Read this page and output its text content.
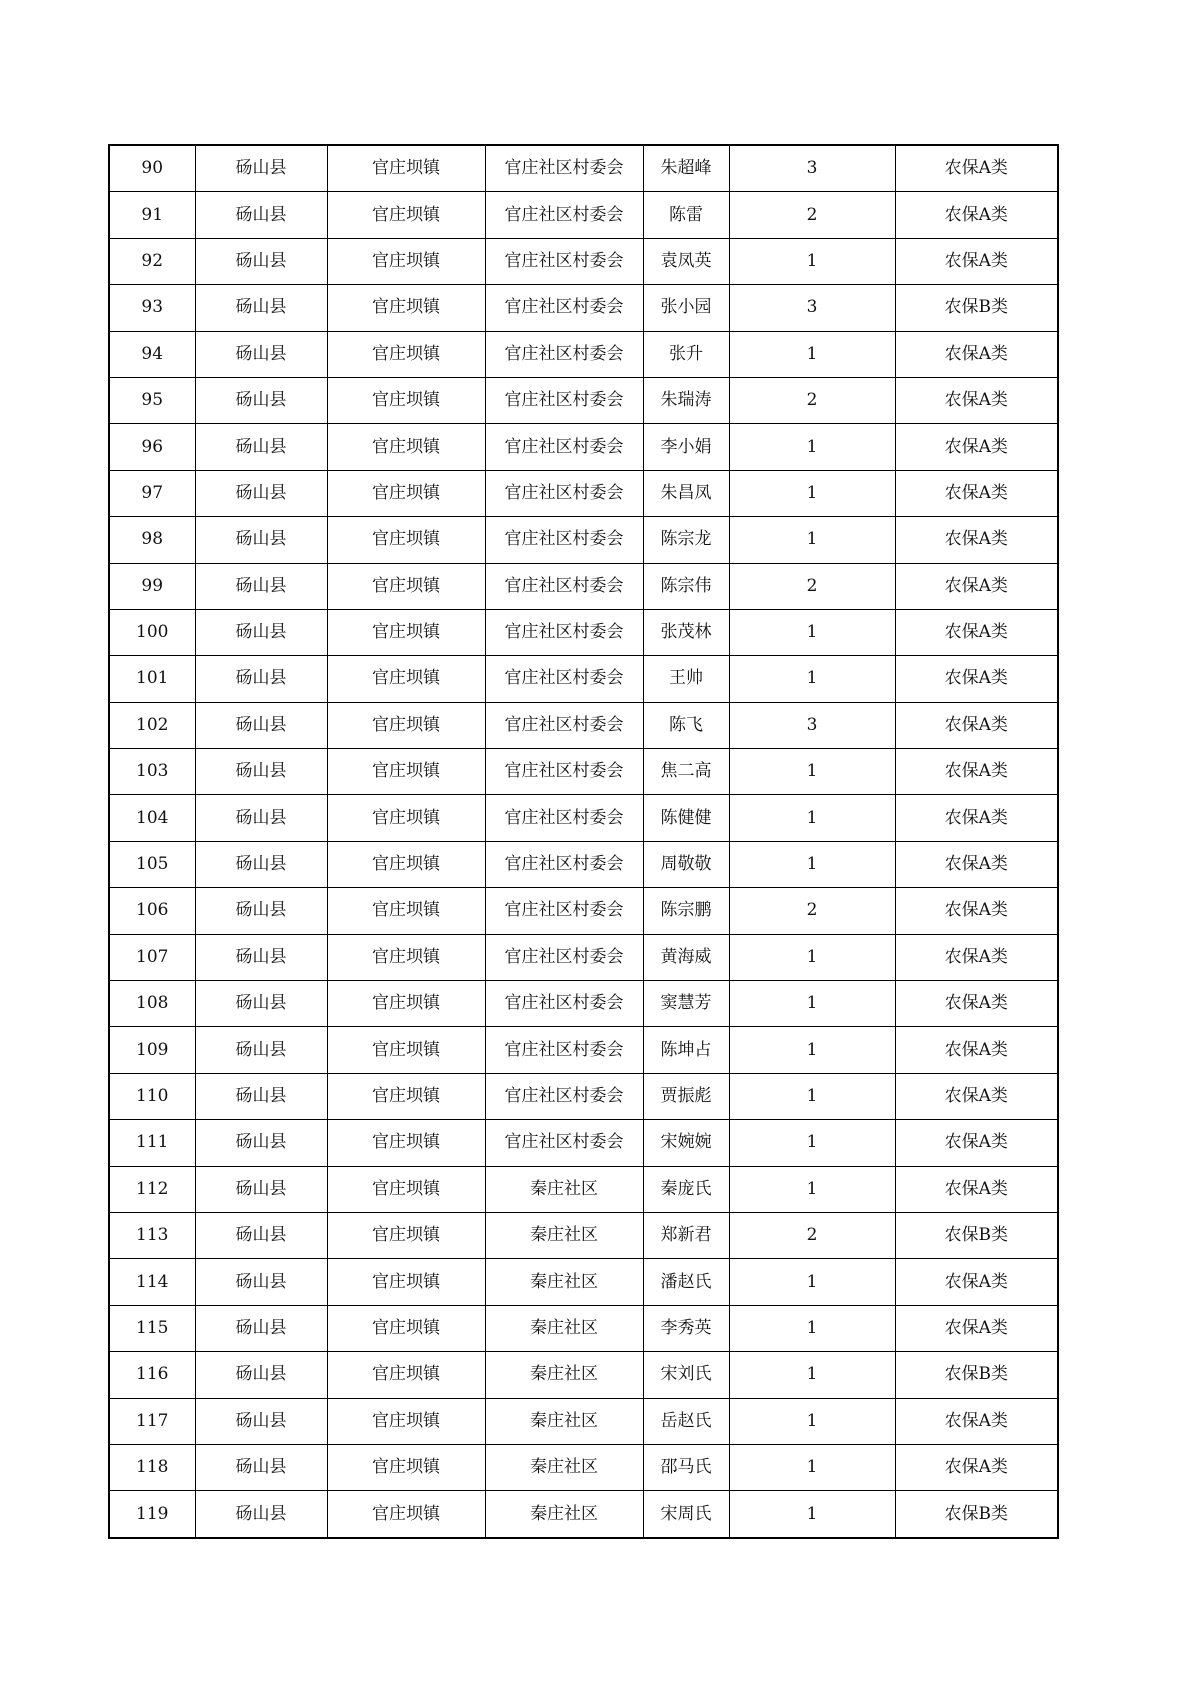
90	砀山县	官庄坝镇	官庄社区村委会	朱超峰	3	农保A类
91	砀山县	官庄坝镇	官庄社区村委会	陈雷	2	农保A类
92	砀山县	官庄坝镇	官庄社区村委会	袁凤英	1	农保A类
93	砀山县	官庄坝镇	官庄社区村委会	张小园	3	农保B类
94	砀山县	官庄坝镇	官庄社区村委会	张升	1	农保A类
95	砀山县	官庄坝镇	官庄社区村委会	朱瑞涛	2	农保A类
96	砀山县	官庄坝镇	官庄社区村委会	李小娟	1	农保A类
97	砀山县	官庄坝镇	官庄社区村委会	朱昌凤	1	农保A类
98	砀山县	官庄坝镇	官庄社区村委会	陈宗龙	1	农保A类
99	砀山县	官庄坝镇	官庄社区村委会	陈宗伟	2	农保A类
100	砀山县	官庄坝镇	官庄社区村委会	张茂林	1	农保A类
101	砀山县	官庄坝镇	官庄社区村委会	王帅	1	农保A类
102	砀山县	官庄坝镇	官庄社区村委会	陈飞	3	农保A类
103	砀山县	官庄坝镇	官庄社区村委会	焦二高	1	农保A类
104	砀山县	官庄坝镇	官庄社区村委会	陈健健	1	农保A类
105	砀山县	官庄坝镇	官庄社区村委会	周敬敬	1	农保A类
106	砀山县	官庄坝镇	官庄社区村委会	陈宗鹏	2	农保A类
107	砀山县	官庄坝镇	官庄社区村委会	黄海威	1	农保A类
108	砀山县	官庄坝镇	官庄社区村委会	窦慧芳	1	农保A类
109	砀山县	官庄坝镇	官庄社区村委会	陈坤占	1	农保A类
110	砀山县	官庄坝镇	官庄社区村委会	贾振彪	1	农保A类
111	砀山县	官庄坝镇	官庄社区村委会	宋婉婉	1	农保A类
112	砀山县	官庄坝镇	秦庄社区	秦庞氏	1	农保A类
113	砀山县	官庄坝镇	秦庄社区	郑新君	2	农保B类
114	砀山县	官庄坝镇	秦庄社区	潘赵氏	1	农保A类
115	砀山县	官庄坝镇	秦庄社区	李秀英	1	农保A类
116	砀山县	官庄坝镇	秦庄社区	宋刘氏	1	农保B类
117	砀山县	官庄坝镇	秦庄社区	岳赵氏	1	农保A类
118	砀山县	官庄坝镇	秦庄社区	邵马氏	1	农保A类
119	砀山县	官庄坝镇	秦庄社区	宋周氏	1	农保B类
